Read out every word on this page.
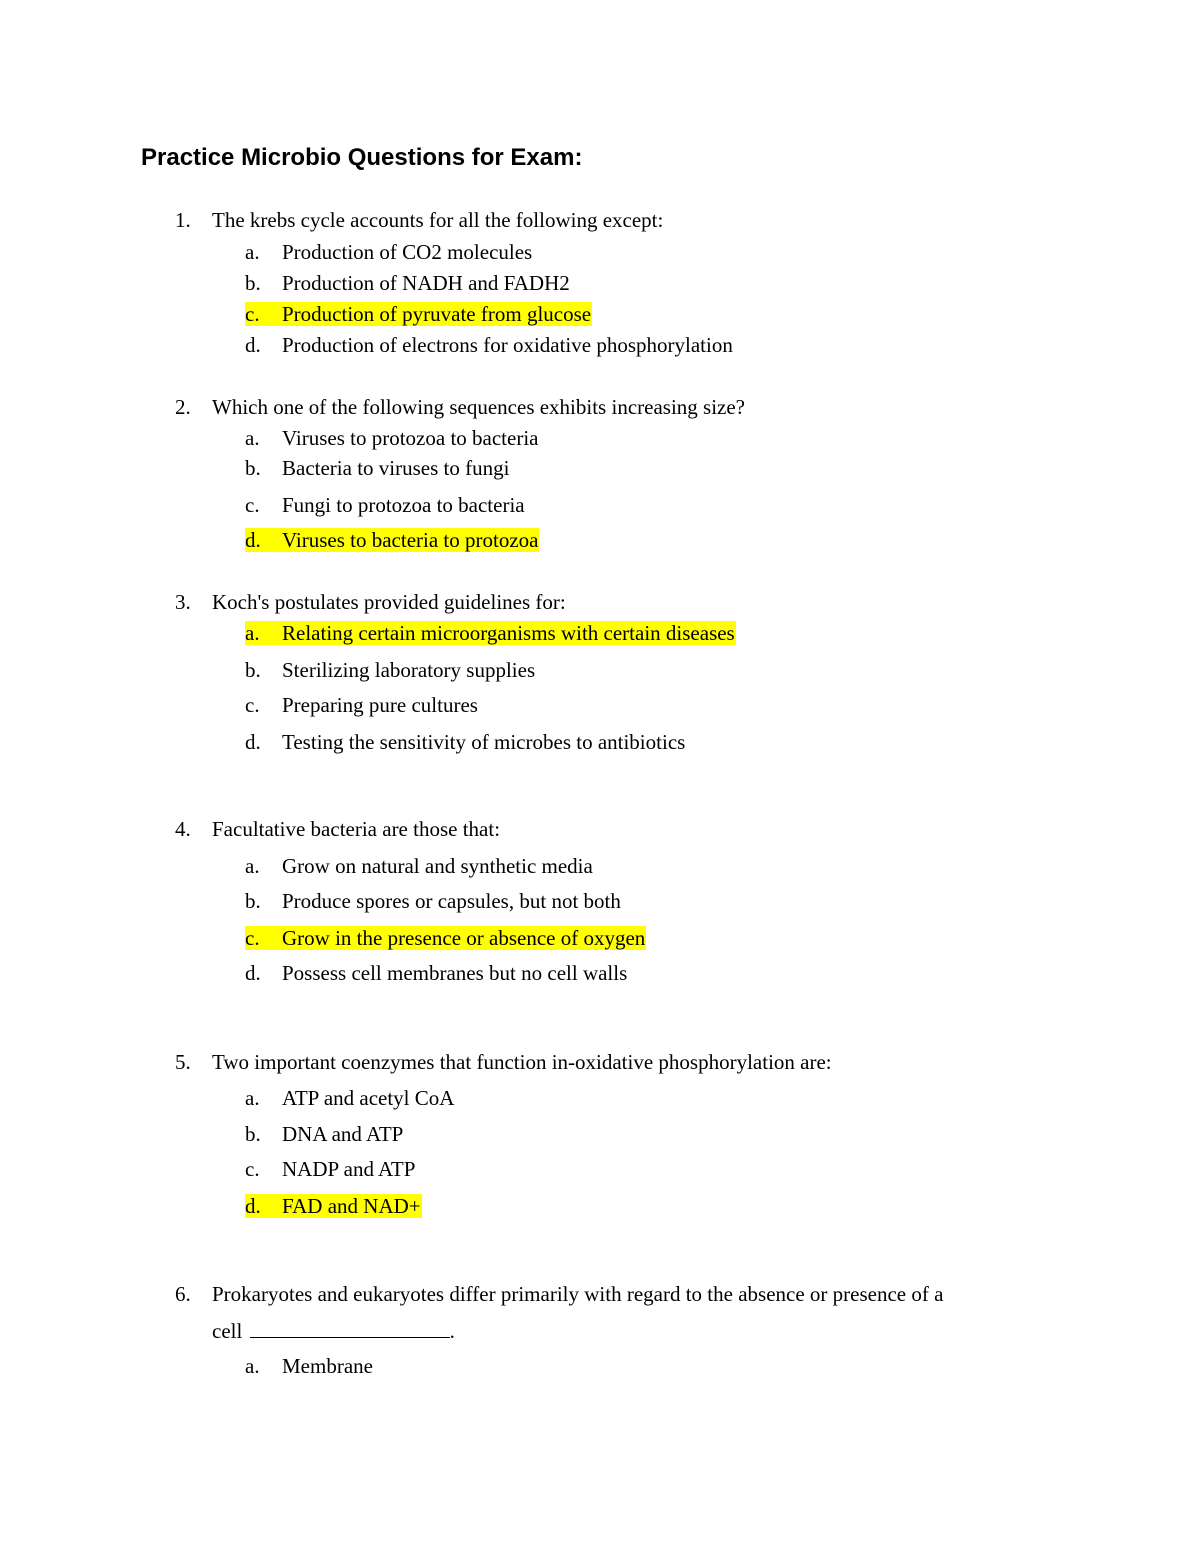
Practice Microbio Questions for Exam:
1. The krebs cycle accounts for all the following except:
a. Production of CO2 molecules
b. Production of NADH and FADH2
c. Production of pyruvate from glucose
d. Production of electrons for oxidative phosphorylation
2. Which one of the following sequences exhibits increasing size?
a. Viruses to protozoa to bacteria
b. Bacteria to viruses to fungi
c. Fungi to protozoa to bacteria
d. Viruses to bacteria to protozoa
3. Koch's postulates provided guidelines for:
a. Relating certain microorganisms with certain diseases
b. Sterilizing laboratory supplies
c. Preparing pure cultures
d. Testing the sensitivity of microbes to antibiotics
4. Facultative bacteria are those that:
a. Grow on natural and synthetic media
b. Produce spores or capsules, but not both
c. Grow in the presence or absence of oxygen
d. Possess cell membranes but no cell walls
5. Two important coenzymes that function in-oxidative phosphorylation are:
a. ATP and acetyl CoA
b. DNA and ATP
c. NADP and ATP
d. FAD and NAD+
6. Prokaryotes and eukaryotes differ primarily with regard to the absence or presence of a
cell	.
a. Membrane
